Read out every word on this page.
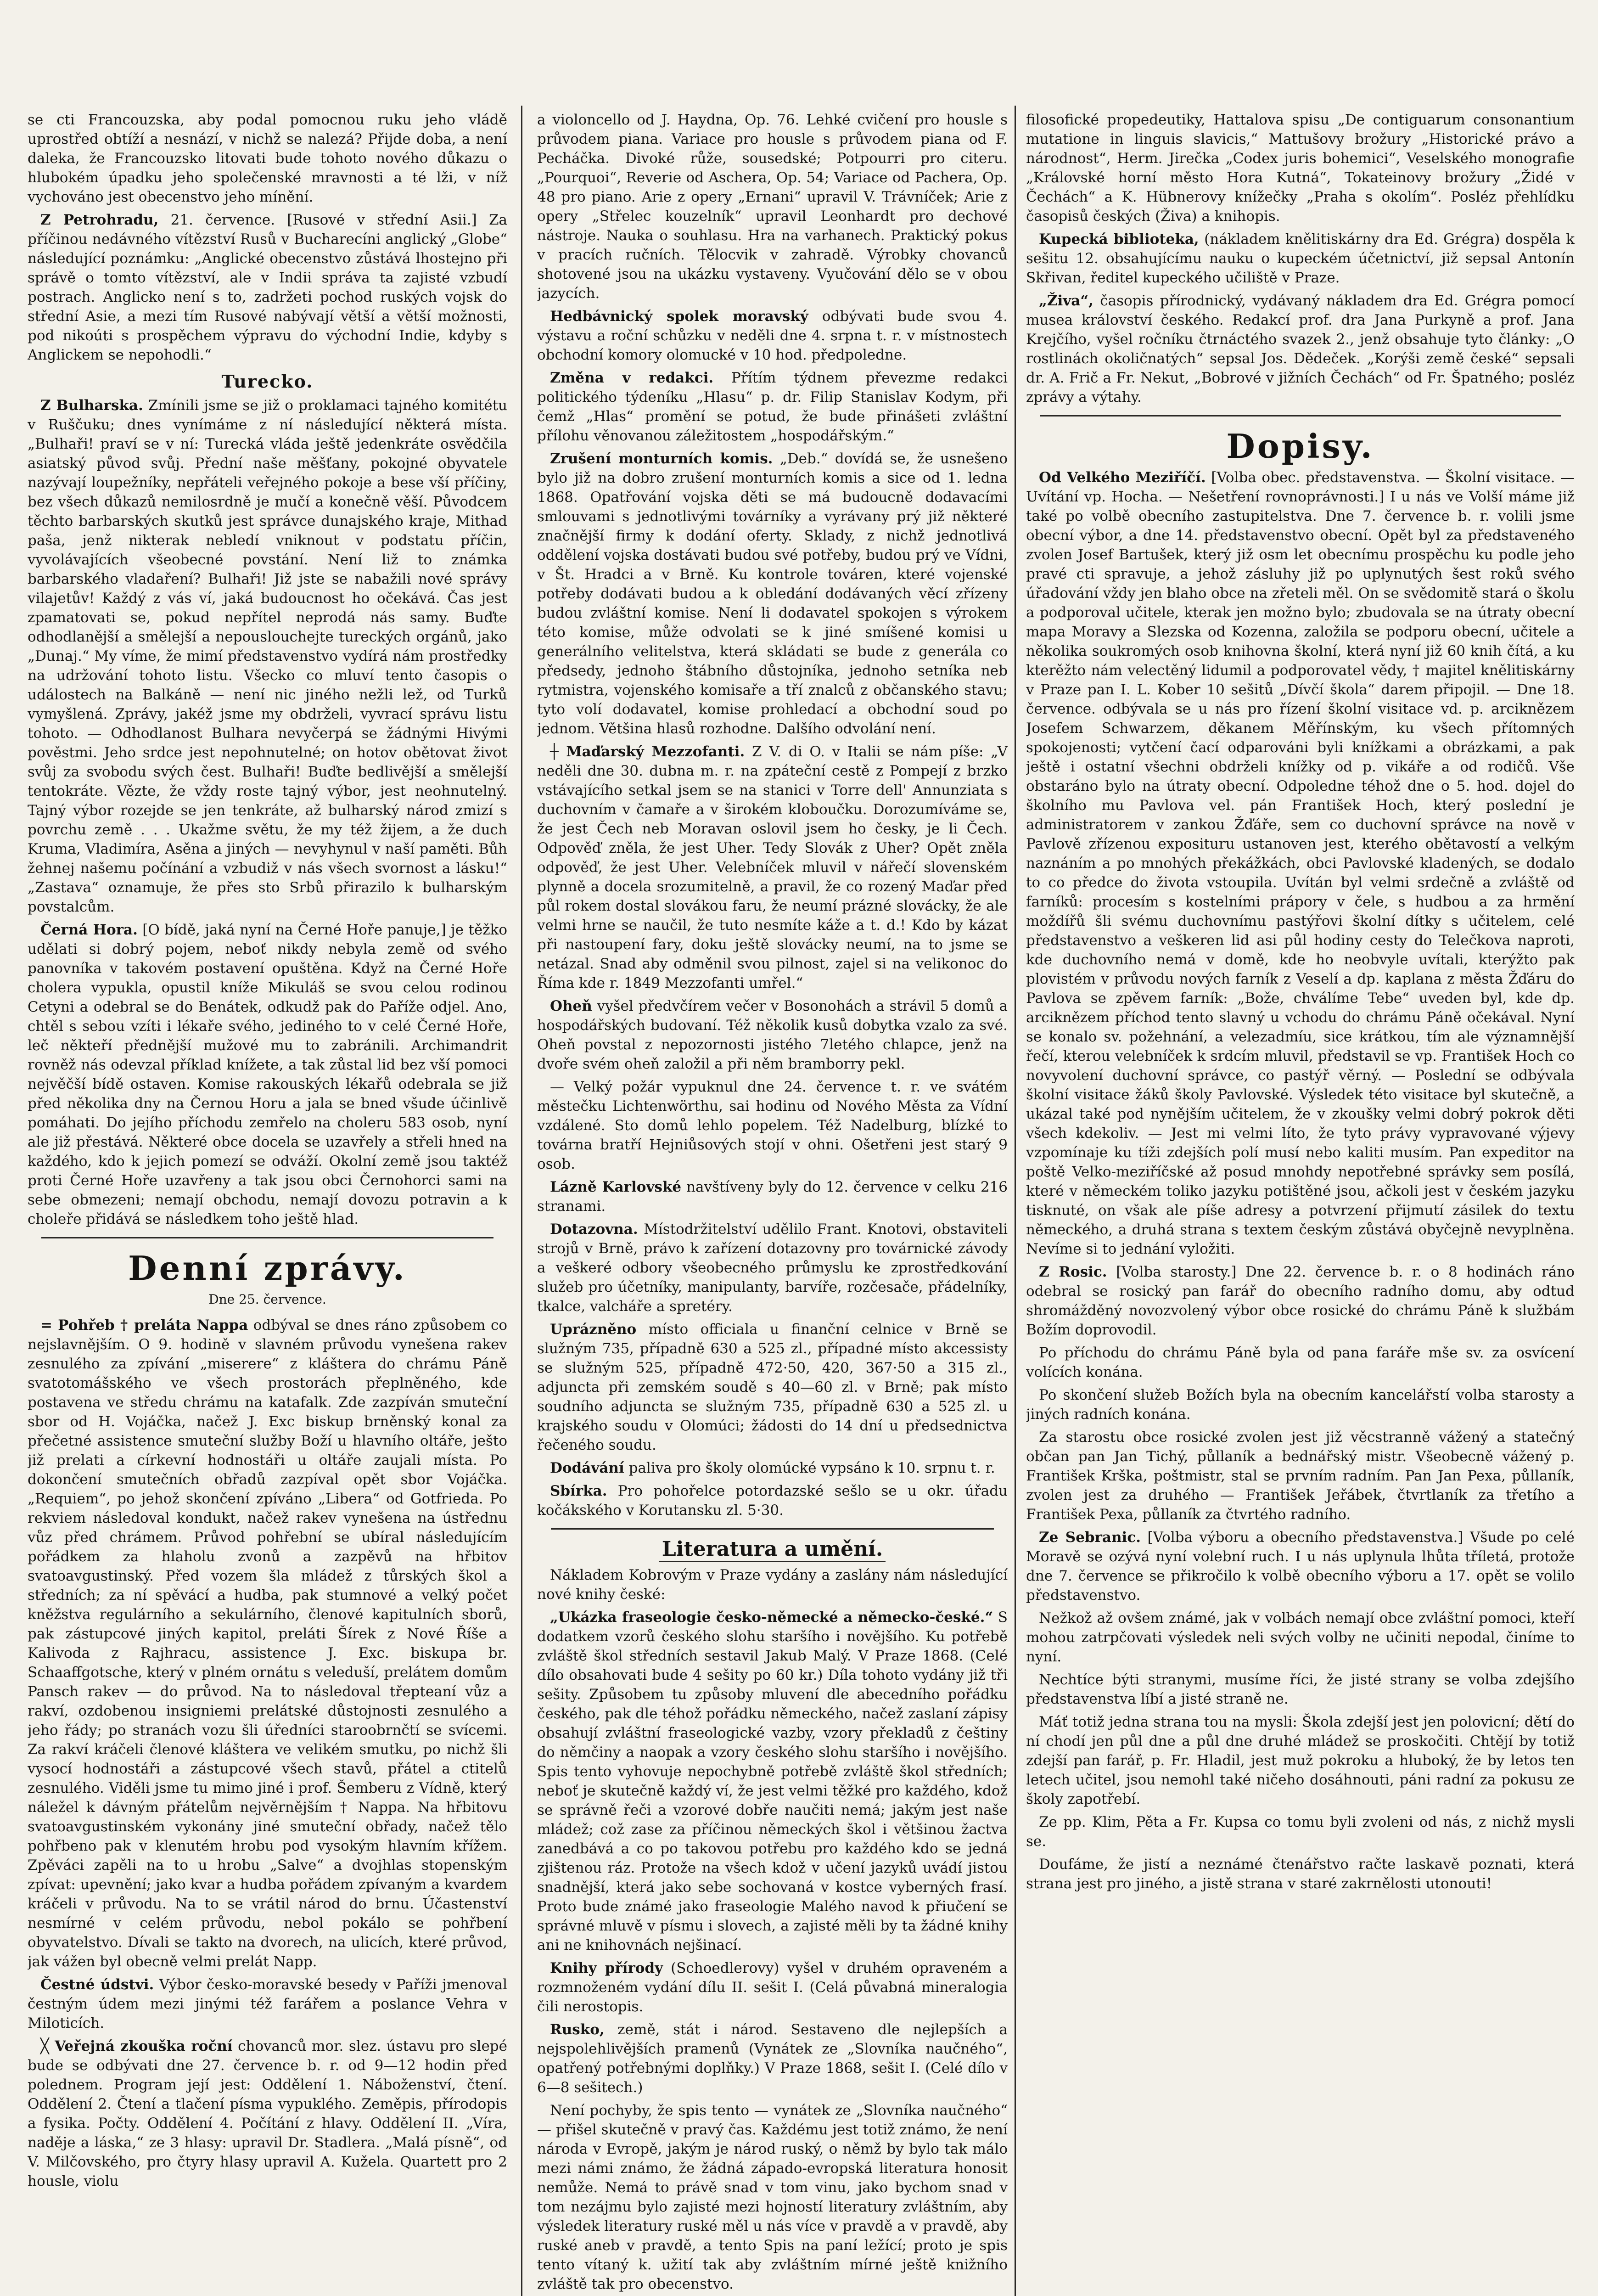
se cti Francouzska, aby podal pomocnou ruku jeho vládě uprostřed obtíží a nesnází, v nichž se nalezá? Přijde doba, a není daleka, že Francouzsko litovati bude tohoto nového důkazu o hlubokém úpadku jeho společenské mravnosti a té lži, v níž vychováno jest obecenstvo jeho mínění.

Z Petrohradu, 21. července. [Rusové v střední Asii.] Za příčinou nedávného vítězství Rusů v Bucharecíni anglický „Globe“ následující poznámku: „Anglické obecenstvo zůstává lhostejno při správě o tomto vítězství, ale v Indii správa ta zajisté vzbudí postrach. Anglicko není s to, zadržeti pochod ruských vojsk do střední Asie, a mezi tím Rusové nabývají větší a větší možnosti, pod nikoúti s prospěchem výpravu do východní Indie, kdyby s Anglickem se nepohodli.“

Turecko.

Z Bulharska. Zmínili jsme se již o proklamaci tajného komitétu v Ruščuku; dnes vynímáme z ní následující některá místa. „Bulhaři! praví se v ní: Turecká vláda ještě jedenkráte osvědčila asiatský původ svůj. Přední naše měšťany, pokojné obyvatele nazývají loupežníky, nepřáteli veřejného pokoje a bese vší příčiny, bez všech důkazů nemilosrdně je mučí a konečně věší. Původcem těchto barbarských skutků jest správce dunajského kraje, Mithad paša, jenž nikterak nebledí vniknout v podstatu příčin, vyvolávajících všeobecné povstání. Není liž to známka barbarského vladaření? Bulhaři! Již jste se nabažili nové správy vilajetův! Každý z vás ví, jaká budoucnost ho očekává. Čas jest zpamatovati se, pokud nepřítel neprodá nás samy. Buďte odhodlanější a smělejší a nepouslouchejte tureckých orgánů, jako „Dunaj.“ My víme, že mimí představenstvo vydírá nám prostředky na udržování tohoto listu. Všecko co mluví tento časopis o událostech na Balkáně — není nic jiného nežli lež, od Turků vymyšlená. Zprávy, jakéž jsme my obdrželi, vyvrací správu listu tohoto. — Odhodlanost Bulhara nevyčerpá se žádnými Hivými pověstmi. Jeho srdce jest nepohnutelné; on hotov obětovat život svůj za svobodu svých čest. Bulhaři! Buďte bedlivější a smělejší tentokráte. Vězte, že vždy roste tajný výbor, jest neohnutelný. Tajný výbor rozejde se jen tenkráte, až bulharský národ zmizí s povrchu země . . . Ukažme světu, že my též žijem, a že duch Kruma, Vladimíra, Asěna a jiných — nevyhynul v naší paměti. Bůh žehnej našemu počínání a vzbudiž v nás všech svornost a lásku!“ „Zastava“ oznamuje, že přes sto Srbů přirazilo k bulharským povstalcům.

Černá Hora. [O bídě, jaká nyní na Černé Hoře panuje,] je těžko udělati si dobrý pojem, neboť nikdy nebyla země od svého panovníka v takovém postavení opuštěna. Když na Černé Hoře cholera vypukla, opustil kníže Mikuláš se svou celou rodinou Cetyni a odebral se do Benátek, odkudž pak do Paříže odjel. Ano, chtěl s sebou vzíti i lékaře svého, jediného to v celé Černé Hoře, leč někteří přednější mužové mu to zabránili. Archimandrit rovněž nás odevzal příklad knížete, a tak zůstal lid bez vší pomoci nejvěčší bídě ostaven. Komise rakouských lékařů odebrala se již před několika dny na Černou Horu a jala se bned všude účinlivě pomáhati. Do jejího příchodu zemřelo na choleru 583 osob, nyní ale již přestává. Některé obce docela se uzavřely a střeli hned na každého, kdo k jejich pomezí se odváží. Okolní země jsou taktéž proti Černé Hoře uzavřeny a tak jsou obci Černohorci sami na sebe obmezeni; nemají obchodu, nemají dovozu potravin a k choleře přidává se následkem toho ještě hlad.

Denní zprávy.
Dne 25. července.

= Pohřeb † preláta Nappa odbýval se dnes ráno způsobem co nejslavnějším. O 9. hodině v slavném průvodu vynešena rakev zesnulého za zpívání „miserere“ z kláštera do chrámu Páně svatotomášského ve všech prostorách přeplněného, kde postavena ve středu chrámu na katafalk. Zde zazpíván smuteční sbor od H. Vojáčka, načež J. Exc biskup brněnský konal za přečetné assistence smuteční služby Boží u hlavního oltáře, ješto již prelati a církevní hodnostáři u oltáře zaujali místa. Po dokončení smutečních obřadů zazpíval opět sbor Vojáčka. „Requiem“, po jehož skončení zpíváno „Libera“ od Gotfrieda. Po rekviem následoval kondukt, načež rakev vynešena na ústřednu vůz před chrámem. Průvod pohřební se ubíral následujícím pořádkem za hlaholu zvonů a zazpěvů na hřbitov svatoavgustinský. Před vozem šla mládež z tůrských škol a středních; za ní spěvácí a hudba, pak stumnové a velký počet kněžstva regulárního a sekulárního, členové kapitulních sborů, pak zástupcové jiných kapitol, preláti Šírek z Nové Říše a Kalivoda z Rajhracu, assistence J. Exc. biskupa br. Schaaffgotsche, který v plném ornátu s veleduší, prelátem domům Pansch rakev — do průvod. Na to následoval třepteaní vůz a rakví, ozdobenou insigniemi prelátské důstojnosti zesnulého a jeho řády; po stranách vozu šli úředníci staroobrnčtí se svícemi. Za rakví kráčeli členové kláštera ve velikém smutku, po nichž šli vysocí hodnostáři a zástupcové všech stavů, přátel a ctitelů zesnulého. Viděli jsme tu mimo jiné i prof. Šemberu z Vídně, který náležel k dávným přátelům nejvěrnějším † Nappa. Na hřbitovu svatoavgustinském vykonány jiné smuteční obřady, načež tělo pohřbeno pak v klenutém hrobu pod vysokým hlavním křížem. Zpěváci zapěli na to u hrobu „Salve“ a dvojhlas stopenským zpívat: upevnění; jako kvar a hudba pořádem zpívaným a kvardem kráčeli v průvodu. Na to se vrátil národ do brnu. Účastenství nesmírné v celém průvodu, nebol pokálo se pohřbení obyvatelstvo. Dívali se takto na dvorech, na ulicích, které průvod, jak vážen byl obecně velmi prelát Napp.

Čestné údstvi. Výbor česko-moravské besedy v Paříži jmenoval čestným údem mezi jinými též farářem a poslance Vehra v Miloticích.

╳ Veřejná zkouška roční chovanců mor. slez. ústavu pro slepé bude se odbývati dne 27. července b. r. od 9—12 hodin před polednem. Program její jest: Oddělení 1. Náboženství, čtení. Oddělení 2. Čtení a tlačení písma vypuklého. Zeměpis, přírodopis a fysika. Počty. Oddělení 4. Počítání z hlavy. Oddělení II. „Víra, naděje a láska,“ ze 3 hlasy: upravil Dr. Stadlera. „Malá písně“, od V. Milčovského, pro čtyry hlasy upravil A. Kužela. Quartett pro 2 housle, violu

a violoncello od J. Haydna, Op. 76. Lehké cvičení pro housle s průvodem piana. Variace pro housle s průvodem piana od F. Pecháčka. Divoké růže, sousedské; Potpourri pro citeru. „Pourquoi“, Reverie od Aschera, Op. 54; Variace od Pachera, Op. 48 pro piano. Arie z opery „Ernani“ upravil V. Trávníček; Arie z opery „Střelec kouzelník“ upravil Leonhardt pro dechové nástroje. Nauka o souhlasu. Hra na varhanech. Praktický pokus v pracích ručních. Tělocvik v zahradě. Výrobky chovanců shotovené jsou na ukázku vystaveny. Vyučování dělo se v obou jazycích.

Hedbávnický spolek moravský odbývati bude svou 4. výstavu a roční schůzku v neděli dne 4. srpna t. r. v místnostech obchodní komory olomucké v 10 hod. předpoledne.

Změna v redakci. Přítím týdnem převezme redakci politického týdeníku „Hlasu“ p. dr. Filip Stanislav Kodym, při čemž „Hlas“ promění se potud, že bude přinášeti zvláštní přílohu věnovanou záležitostem „hospodářským.“

Zrušení monturních komis. „Deb.“ dovídá se, že usnešeno bylo již na dobro zrušení monturních komis a sice od 1. ledna 1868. Opatřování vojska děti se má budoucně dodavacími smlouvami s jednotlivými továrníky a vyrávany prý již některé značnější firmy k dodání oferty. Sklady, z nichž jednotlivá oddělení vojska dostávati budou své potřeby, budou prý ve Vídni, v Št. Hradci a v Brně. Ku kontrole továren, které vojenské potřeby dodávati budou a k obledání dodávaných věcí zřízeny budou zvláštní komise. Není li dodavatel spokojen s výrokem této komise, může odvolati se k jiné smíšené komisi u generálního velitelstva, která skládati se bude z generála co předsedy, jednoho štábního důstojníka, jednoho setníka neb rytmistra, vojenského komisaře a tří znalců z občanského stavu; tyto volí dodavatel, komise prohledací a obchodní soud po jednom. Většina hlasů rozhodne. Dalšího odvolání není.

┼ Maďarský Mezzofanti. Z V. di O. v Italii se nám píše: „V neděli dne 30. dubna m. r. na zpáteční cestě z Pompejí z brzko vstávajícího setkal jsem se na stanici v Torre dell' Annunziata s duchovním v čamaře a v širokém kloboučku. Dorozumíváme se, že jest Čech neb Moravan oslovil jsem ho česky, je li Čech. Odpověď zněla, že jest Uher. Tedy Slovák z Uher? Opět zněla odpověď, že jest Uher. Velebníček mluvil v nářečí slovenském plynně a docela srozumitelně, a pravil, že co rozený Maďar před půl rokem dostal slovákou faru, že neumí prázné slovácky, že ale velmi hrne se naučil, že tuto nesmíte káže a t. d.! Kdo by kázat při nastoupení fary, doku ještě slovácky neumí, na to jsme se netázal. Snad aby odměnil svou pilnost, zajel si na velikonoc do Říma kde r. 1849 Mezzofanti umřel.“

Oheň vyšel předvčírem večer v Bosonohách a strávil 5 domů a hospodářských budovaní. Též několik kusů dobytka vzalo za své. Oheň povstal z nepozornosti jistého 7letého chlapce, jenž na dvoře svém oheň založil a při něm bramborry pekl.

— Velký požár vypuknul dne 24. července t. r. ve svátém městečku Lichtenwörthu, sai hodinu od Nového Města za Vídní vzdálené. Sto domů lehlo popelem. Též Nadelburg, blízké to továrna bratří Hejniůsových stojí v ohni. Ošetřeni jest starý 9 osob.

Lázně Karlovské navštíveny byly do 12. července v celku 216 stranami.

Dotazovna. Místodržitelství udělilo Frant. Knotovi, obstaviteli strojů v Brně, právo k zařízení dotazovny pro továrnické závody a veškeré odbory všeobecného průmyslu ke zprostředkování služeb pro účetníky, manipulanty, barvíře, rozčesače, přádelníky, tkalce, valcháře a spretéry.

Uprázněno místo officiala u finanční celnice v Brně se služným 735, případně 630 a 525 zl., případné místo akcessisty se služným 525, případně 472·50, 420, 367·50 a 315 zl., adjuncta při zemském soudě s 40—60 zl. v Brně; pak místo soudního adjuncta se služným 735, případně 630 a 525 zl. u krajského soudu v Olomúci; žádosti do 14 dní u předsednictva řečeného soudu.

Dodávání paliva pro školy olomúcké vypsáno k 10. srpnu t. r.

Sbírka. Pro pohořelce potordazské sešlo se u okr. úřadu kočákského v Korutansku zl. 5·30.

Literatura a umění.

Nákladem Kobrovým v Praze vydány a zaslány nám následující nové knihy české:

„Ukázka fraseologie česko-německé a německo-české.“ S dodatkem vzorů českého slohu staršího i novějšího. Ku potřebě zvláště škol středních sestavil Jakub Malý. V Praze 1868. (Celé dílo obsahovati bude 4 sešity po 60 kr.) Díla tohoto vydány již tři sešity. Způsobem tu způsoby mluvení dle abecedního pořádku českého, pak dle téhož pořádku německého, načež zaslaní zápisy obsahují zvláštní fraseologické vazby, vzory překladů z češtiny do němčiny a naopak a vzory českého slohu staršího i novějšího. Spis tento vyhovuje nepochybně potřebě zvláště škol středních; neboť je skutečně každý ví, že jest velmi těžké pro každého, kdož se správně řeči a vzorové dobře naučiti nemá; jakým jest naše mládež; což zase za příčinou německých škol i většinou žactva zanedbává a co po takovou potřebu pro každého kdo se jedná zjištenou ráz. Protože na všech kdož v učení jazyků uvádí jistou snadnější, která jako sebe sochovaná v kostce vyberných frasí. Proto bude známé jako fraseologie Malého navod k přiučení se správné mluvě v písmu i slovech, a zajisté měli by ta žádné knihy ani ne knihovnách nejšinací.

Knihy přírody (Schoedlerovy) vyšel v druhém opraveném a rozmnoženém vydání dílu II. sešit I. (Celá půvabná mineralogia čili nerostopis.

Rusko, země, stát i národ. Sestaveno dle nejlepších a nejspolehlivějších pramenů (Vynátek ze „Slovníka naučného“, opatřený potřebnými doplňky.) V Praze 1868, sešit I. (Celé dílo v 6—8 sešitech.)

Není pochyby, že spis tento — vynátek ze „Slovníka naučného“ — přišel skutečně v pravý čas. Každému jest totiž známo, že není národa v Evropě, jakým je národ ruský, o němž by bylo tak málo mezi námi známo, že žádná západo-evropská literatura honosit nemůže. Nemá to právě snad v tom vinu, jako bychom snad v tom nezájmu bylo zajisté mezi hojností literatury zvláštním, aby výsledek literatury ruské měl u nás více v pravdě a v pravdě, aby ruské aneb v pravdě, a tento Spis na paní ležící; proto je spis tento vítaný k. užití tak aby zvláštním mírné ještě knižního zvláště tak pro obecenstvo.

filosofické propedeutiky, Hattalova spisu „De contiguarum consonantium mutatione in linguis slavicis,“ Mattušovy brožury „Historické právo a národnost“, Herm. Jirečka „Codex juris bohemici“, Veselského monografie „Královské horní město Hora Kutná“, Tokateinovy brožury „Židé v Čechách“ a K. Hübnerovy knížečky „Praha s okolím“. Posléz přehlídku časopisů českých (Živa) a knihopis.

Kupecká biblioteka, (nákladem knělitiskárny dra Ed. Grégra) dospěla k sešitu 12. obsahujícímu nauku o kupeckém účetnictví, již sepsal Antonín Skřivan, ředitel kupeckého učiliště v Praze.

„Živa“, časopis přírodnický, vydávaný nákladem dra Ed. Grégra pomocí musea království českého. Redakcí prof. dra Jana Purkyně a prof. Jana Krejčího, vyšel ročníku čtrnáctého svazek 2., jenž obsahuje tyto články: „O rostlinách okoličnatých“ sepsal Jos. Dědeček. „Korýši země české“ sepsali dr. A. Frič a Fr. Nekut, „Bobrové v jižních Čechách“ od Fr. Špatného; posléz zprávy a výtahy.

Dopisy.

Od Velkého Meziříčí. [Volba obec. představenstva. — Školní visitace. — Uvítání vp. Hocha. — Nešetření rovnoprávnosti.] I u nás ve Volší máme již také po volbě obecního zastupitelstva. Dne 7. července b. r. volili jsme obecní výbor, a dne 14. představenstvo obecní. Opět byl za představeného zvolen Josef Bartušek, který již osm let obecnímu prospěchu ku podle jeho pravé cti spravuje, a jehož zásluhy již po uplynutých šest roků svého úřadování vždy jen blaho obce na zřeteli měl. On se svědomitě stará o školu a podporoval učitele, kterak jen možno bylo; zbudovala se na útraty obecní mapa Moravy a Slezska od Kozenna, založila se podporu obecní, učitele a několika soukromých osob knihovna školní, která nyní již 60 knih čítá, a ku kterěžto nám velectěný lidumil a podporovatel vědy, † majitel knělitiskárny v Praze pan I. L. Kober 10 sešitů „Dívčí škola“ darem připojil. — Dne 18. července. odbývala se u nás pro řízení školní visitace vd. p. arciknězem Josefem Schwarzem, děkanem Měřínským, ku všech přítomných spokojenosti; vytčení čací odparováni byli knížkami a obrázkami, a pak ještě i ostatní všechni obdrželi knížky od p. vikáře a od rodičů. Vše obstaráno bylo na útraty obecní. Odpoledne téhož dne o 5. hod. dojel do školního mu Pavlova vel. pán František Hoch, který poslední je administratorem v zankou Žďáře, sem co duchovní správce na nově v Pavlově zřízenou exposituru ustanoven jest, kterého obětavostí a velkým naznáním a po mnohých překážkách, obci Pavlovské kladených, se dodalo to co předce do života vstoupila. Uvítán byl velmi srdečně a zvláště od farníků: procesím s kostelními prápory v čele, s hudbou a za hrmění moždířů šli svému duchovnímu pastýřovi školní dítky s učitelem, celé představenstvo a veškeren lid asi půl hodiny cesty do Telečkova naproti, kde duchovního nemá v domě, kde ho neobvyle uvítali, kterýžto pak plovistém v průvodu nových farník z Veselí a dp. kaplana z města Žďáru do Pavlova se zpěvem farník: „Bože, chválíme Tebe“ uveden byl, kde dp. arciknězem příchod tento slavný u vchodu do chrámu Páně očekával. Nyní se konalo sv. požehnání, a velezadmíu, sice krátkou, tím ale významnější řečí, kterou velebníček k srdcím mluvil, představil se vp. František Hoch co novyvolení duchovní správce, co pastýř věrný. — Poslední se odbývala školní visitace žáků školy Pavlovské. Výsledek této visitace byl skutečně, a ukázal také pod nynějším učitelem, že v zkoušky velmi dobrý pokrok děti všech kdekoliv. — Jest mi velmi líto, že tyto právy vypravované výjevy vzpomínaje ku tíži zdejších polí musí nebo kaliti musím. Pan expeditor na poště Velko-meziříčské až posud mnohdy nepotřebné správky sem posílá, které v německém toliko jazyku potištěné jsou, ačkoli jest v českém jazyku tisknuté, on však ale píše adresy a potvrzení přijmutí zásilek do textu německého, a druhá strana s textem českým zůstává obyčejně nevyplněna. Nevíme si to jednání vyložiti.

Z Rosic. [Volba starosty.] Dne 22. července b. r. o 8 hodinách ráno odebral se rosický pan farář do obecního radního domu, aby odtud shromážděný novozvolený výbor obce rosické do chrámu Páně k službám Božím doprovodil.

Po příchodu do chrámu Páně byla od pana faráře mše sv. za osvícení volících konána.

Po skončení služeb Božích byla na obecním kancelářstí volba starosty a jiných radních konána.

Za starostu obce rosické zvolen jest již věcstranně vážený a statečný občan pan Jan Tichý, půllaník a bednářský mistr. Všeobecně vážený p. František Krška, poštmistr, stal se prvním radním. Pan Jan Pexa, půllaník, zvolen jest za druhého — František Jeřábek, čtvrtlaník za třetího a František Pexa, půllaník za čtvrtého radního.

Ze Sebranic. [Volba výboru a obecního představenstva.] Všude po celé Moravě se ozývá nyní volební ruch. I u nás uplynula lhůta tříletá, protože dne 7. července se přikročilo k volbě obecního výboru a 17. opět se volilo představenstvo.

Nežkož až ovšem známé, jak v volbách nemají obce zvláštní pomoci, kteří mohou zatrpčovati výsledek neli svých volby ne učiniti nepodal, činíme to nyní.

Nechtíce býti stranymi, musíme říci, že jisté strany se volba zdejšího představenstva líbí a jisté straně ne.

Máť totiž jedna strana tou na mysli: Škola zdejší jest jen polovicní; dětí do ní chodí jen půl dne a půl dne druhé mládež se proskočiti. Chtějí by totiž zdejší pan farář, p. Fr. Hladil, jest muž pokroku a hluboký, že by letos ten letech učitel, jsou nemohl také ničeho dosáhnouti, páni radní za pokusu ze školy zapotřebí.

Ze pp. Klim, Pěta a Fr. Kupsa co tomu byli zvoleni od nás, z nichž mysli se.

Doufáme, že jistí a neznámé čtenářstvo račte laskavě poznati, která strana jest pro jiného, a jistě strana v staré zakrnělosti utonouti!
